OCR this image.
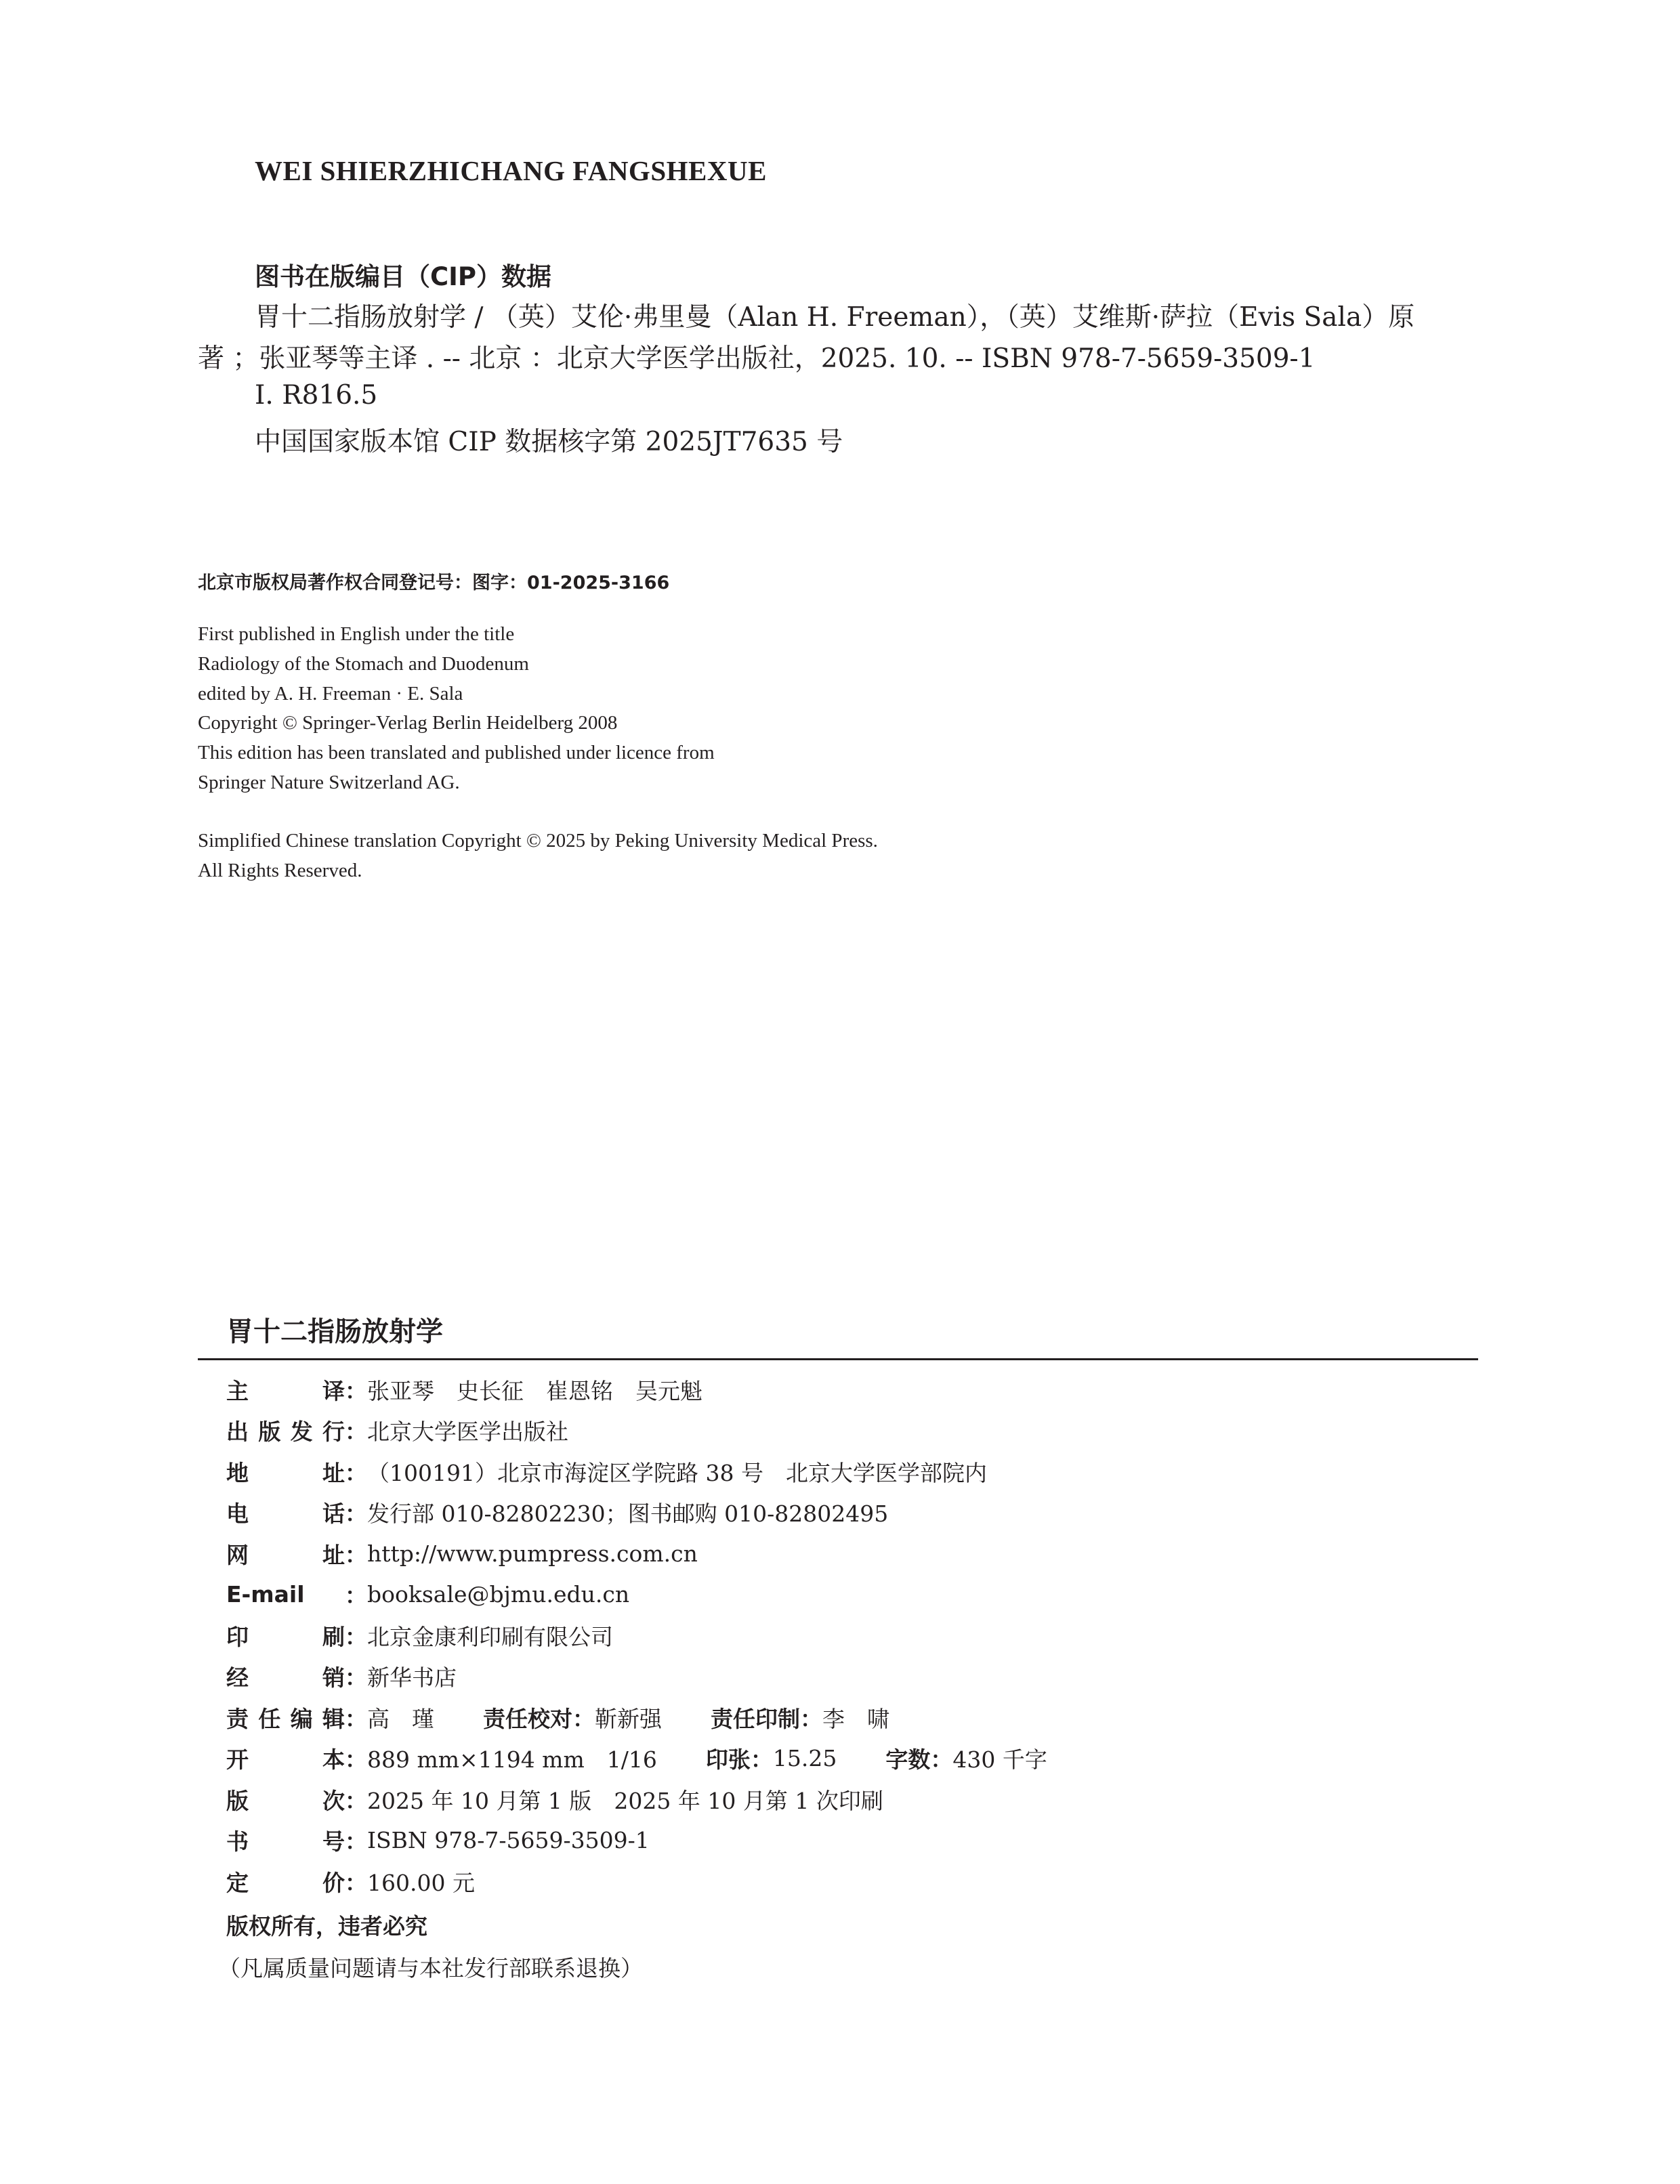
WEI SHIERZHICHANG FANGSHEXUE
图书在版编目（CIP）数据
胃十二指肠放射学 / （英）艾伦·弗里曼（Alan H. Freeman），（英）艾维斯·萨拉（Evis Sala）原
著 ；张亚琴等主译 . -- 北京 ：北京大学医学出版社，2025. 10. -- ISBN 978-7-5659-3509-1
Ⅰ. R816.5
中国国家版本馆 CIP 数据核字第 2025JT7635 号
北京市版权局著作权合同登记号：图字：01-2025-3166
First published in English under the title
Radiology of the Stomach and Duodenum
edited by A. H. Freeman · E. Sala
Copyright © Springer-Verlag Berlin Heidelberg 2008
This edition has been translated and published under licence from
Springer Nature Switzerland AG.
Simplified Chinese translation Copyright © 2025 by Peking University Medical Press.
All Rights Reserved.
胃十二指肠放射学
主译 ： 张亚琴　史长征　崔恩铭　吴元魁
出版发行 ： 北京大学医学出版社
地址 ： （100191）北京市海淀区学院路 38 号　北京大学医学部院内
电话 ： 发行部 010-82802230；图书邮购 010-82802495
网址 ： http://www.pumpress.com.cn
E-mail	： booksale@bjmu.edu.cn
印刷 ： 北京金康利印刷有限公司
经销 ： 新华书店
责任编辑 ： 高　瑾 责任校对 ： 靳新强 责任印制 ： 李　啸
开本 ： 889 mm×1194 mm　1/16 印张 ： 15.25 字数 ： 430 千字
版次 ： 2025 年 10 月第 1 版　2025 年 10 月第 1 次印刷
书号 ： ISBN 978-7-5659-3509-1
定价 ： 160.00 元
版权所有，违者必究
（凡属质量问题请与本社发行部联系退换）
